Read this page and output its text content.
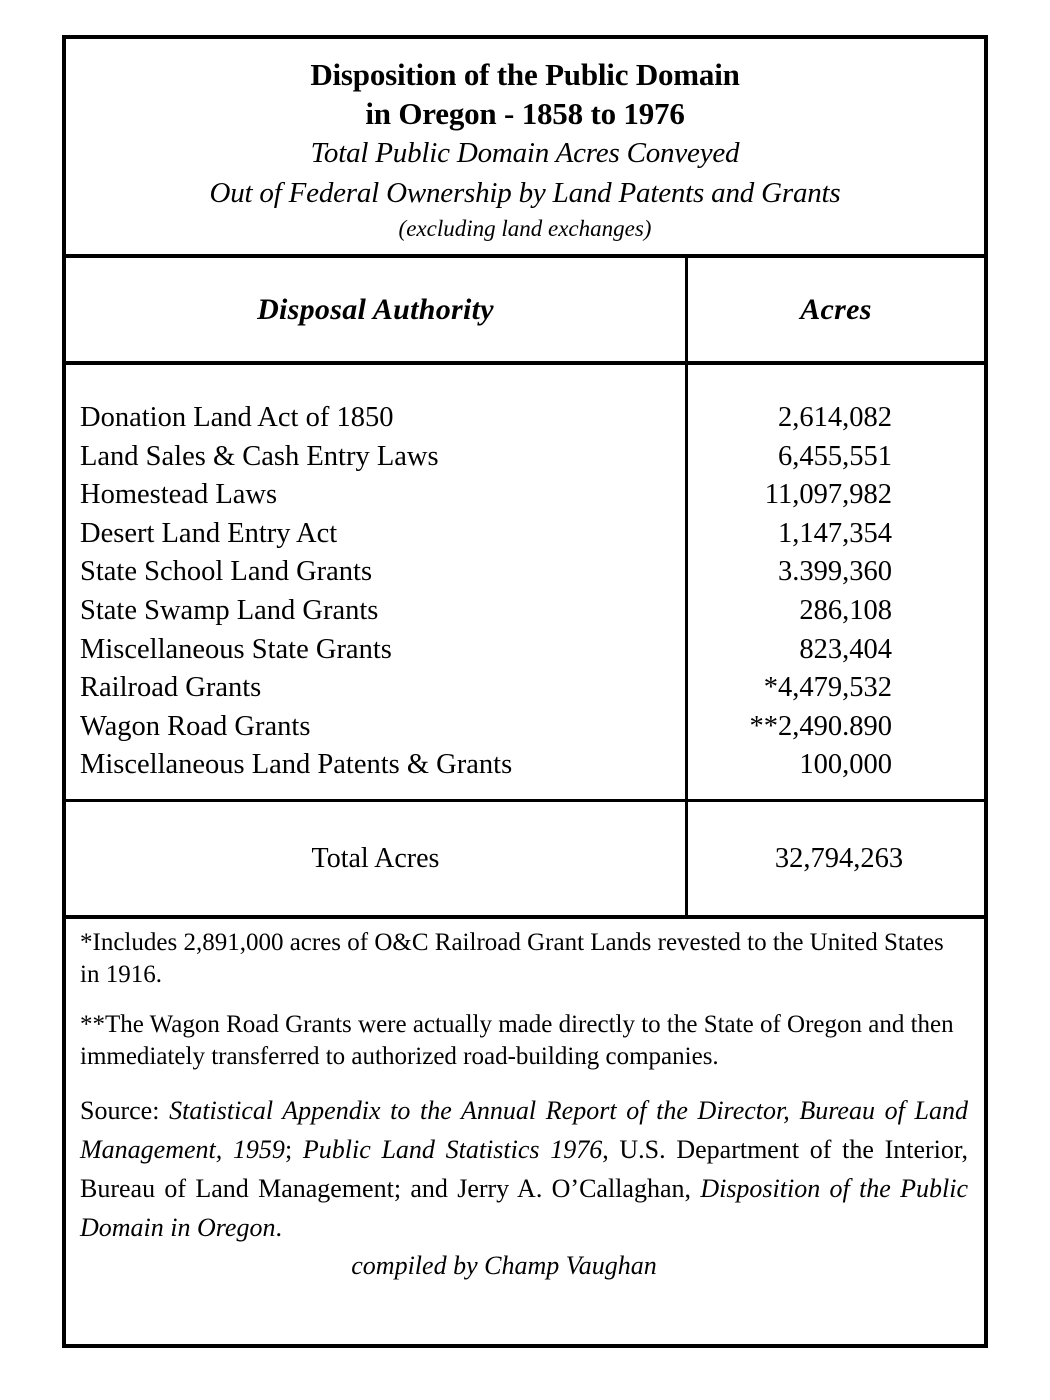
Disposition of the Public Domain
in Oregon - 1858 to 1976
Total Public Domain Acres Conveyed
Out of Federal Ownership by Land Patents and Grants
(excluding land exchanges)
Disposal Authority	Acres
Donation Land Act of 1850
Land Sales & Cash Entry Laws
Homestead Laws
Desert Land Entry Act
State School Land Grants
State Swamp Land Grants
Miscellaneous State Grants
Railroad Grants
Wagon Road Grants
Miscellaneous Land Patents & Grants
2,614,082
6,455,551
11,097,982
1,147,354
3.399,360
286,108
823,404
*4,479,532
**2,490.890
100,000
Total Acres	32,794,263

*Includes 2,891,000 acres of O&C Railroad Grant Lands revested to the United States in 1916.

**The Wagon Road Grants were actually made directly to the State of Oregon and then immediately transferred to authorized road-building companies.

Source: Statistical Appendix to the Annual Report of the Director, Bureau of Land Management, 1959; Public Land Statistics 1976, U.S. Department of the Interior, Bureau of Land Management; and Jerry A. O’Callaghan, Disposition of the Public Domain in Oregon.

compiled by Champ Vaughan
